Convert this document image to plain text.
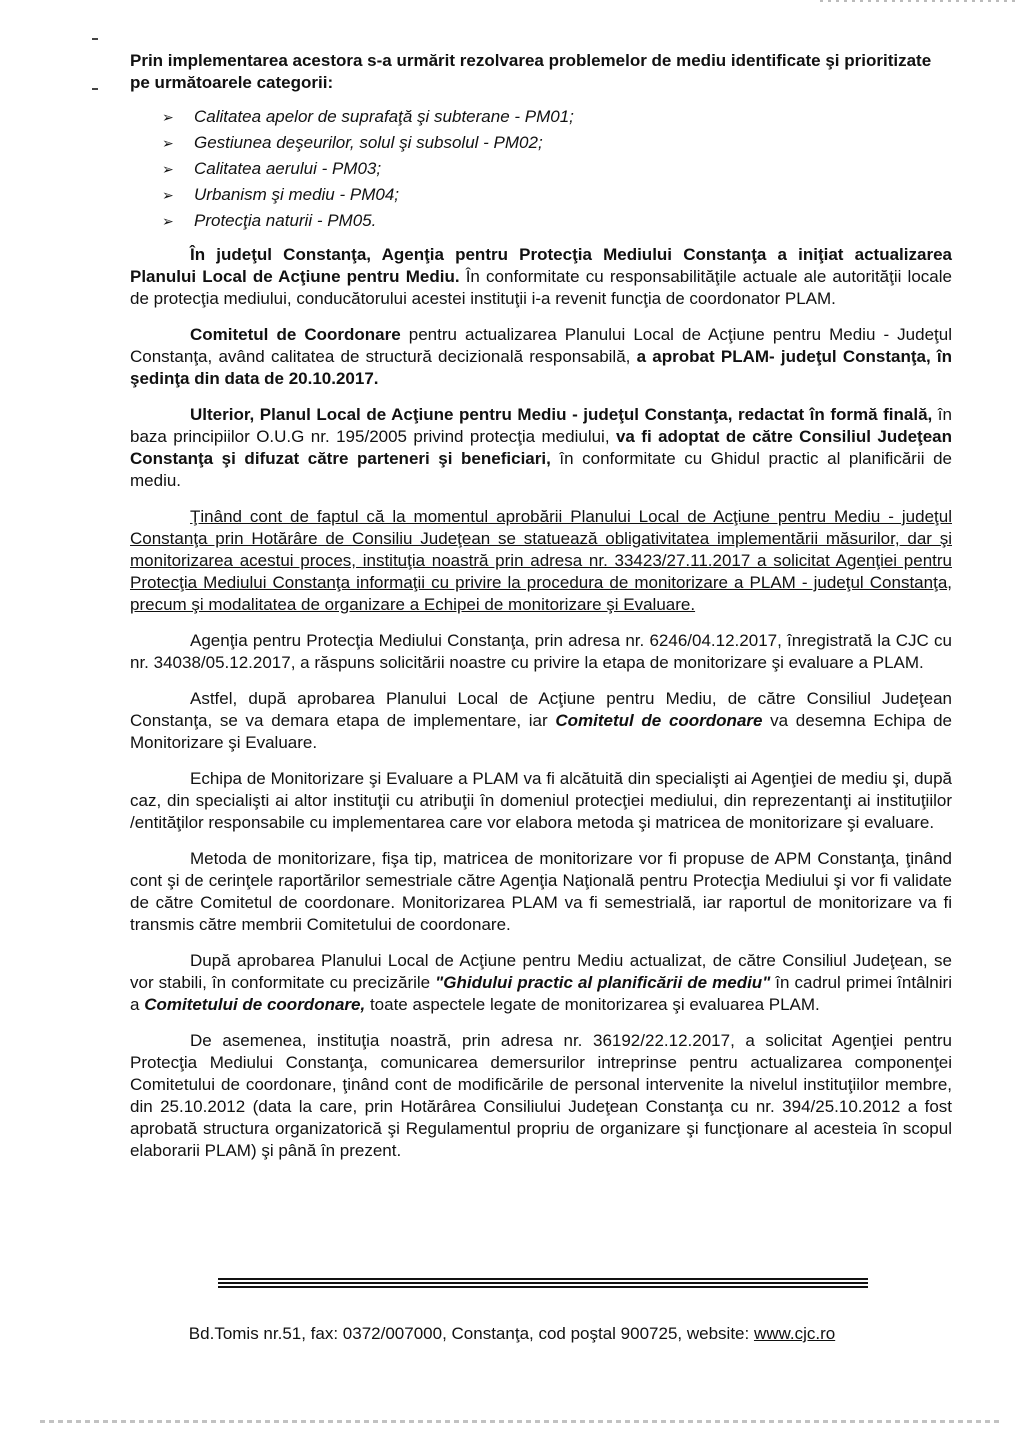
Prin implementarea acestora s-a urmărit rezolvarea problemelor de mediu identificate şi prioritizate pe următoarele categorii:

➢ Calitatea apelor de suprafaţă şi subterane - PM01;
➢ Gestiunea deşeurilor, solul şi subsolul - PM02;
➢ Calitatea aerului - PM03;
➢ Urbanism şi mediu - PM04;
➢ Protecţia naturii - PM05.

În judeţul Constanţa, Agenţia pentru Protecţia Mediului Constanţa a iniţiat actualizarea Planului Local de Acţiune pentru Mediu. În conformitate cu responsabilităţile actuale ale autorităţii locale de protecţia mediului, conducătorului acestei instituţii i-a revenit funcţia de coordonator PLAM.

Comitetul de Coordonare pentru actualizarea Planului Local de Acţiune pentru Mediu - Judeţul Constanţa, având calitatea de structură decizională responsabilă, a aprobat PLAM- judeţul Constanţa, în şedinţa din data de 20.10.2017.

Ulterior, Planul Local de Acţiune pentru Mediu - judeţul Constanţa, redactat în formă finală, în baza principiilor O.U.G nr. 195/2005 privind protecţia mediului, va fi adoptat de către Consiliul Judeţean Constanţa şi difuzat către parteneri şi beneficiari, în conformitate cu Ghidul practic al planificării de mediu.

Ţinând cont de faptul că la momentul aprobării Planului Local de Acţiune pentru Mediu - judeţul Constanţa prin Hotărâre de Consiliu Judeţean se statuează obligativitatea implementării măsurilor, dar şi monitorizarea acestui proces, instituţia noastră prin adresa nr. 33423/27.11.2017 a solicitat Agenţiei pentru Protecţia Mediului Constanţa informaţii cu privire la procedura de monitorizare a PLAM - judeţul Constanţa, precum şi modalitatea de organizare a Echipei de monitorizare şi Evaluare.

Agenţia pentru Protecţia Mediului Constanţa, prin adresa nr. 6246/04.12.2017, înregistrată la CJC cu nr. 34038/05.12.2017, a răspuns solicitării noastre cu privire la etapa de monitorizare şi evaluare a PLAM.

Astfel, după aprobarea Planului Local de Acţiune pentru Mediu, de către Consiliul Judeţean Constanţa, se va demara etapa de implementare, iar Comitetul de coordonare va desemna Echipa de Monitorizare şi Evaluare.

Echipa de Monitorizare şi Evaluare a PLAM va fi alcătuită din specialişti ai Agenţiei de mediu şi, după caz, din specialişti ai altor instituţii cu atribuţii în domeniul protecţiei mediului, din reprezentanţi ai instituţiilor /entităţilor responsabile cu implementarea care vor elabora metoda şi matricea de monitorizare şi evaluare.

Metoda de monitorizare, fişa tip, matricea de monitorizare vor fi propuse de APM Constanţa, ţinând cont şi de cerinţele raportărilor semestriale către Agenţia Naţională pentru Protecţia Mediului şi vor fi validate de către Comitetul de coordonare. Monitorizarea PLAM va fi semestrială, iar raportul de monitorizare va fi transmis către membrii Comitetului de coordonare.

După aprobarea Planului Local de Acţiune pentru Mediu actualizat, de către Consiliul Judeţean, se vor stabili, în conformitate cu precizările "Ghidului practic al planificării de mediu" în cadrul primei întâlniri a Comitetului de coordonare, toate aspectele legate de monitorizarea şi evaluarea PLAM.

De asemenea, instituţia noastră, prin adresa nr. 36192/22.12.2017, a solicitat Agenţiei pentru Protecţia Mediului Constanţa, comunicarea demersurilor intreprinse pentru actualizarea componenţei Comitetului de coordonare, ţinând cont de modificările de personal intervenite la nivelul instituţiilor membre, din 25.10.2012 (data la care, prin Hotărârea Consiliului Judeţean Constanţa cu nr. 394/25.10.2012 a fost aprobată structura organizatorică şi Regulamentul propriu de organizare şi funcţionare al acesteia în scopul elaborarii PLAM) şi până în prezent.

Bd.Tomis nr.51, fax: 0372/007000, Constanţa, cod poştal 900725, website: www.cjc.ro
